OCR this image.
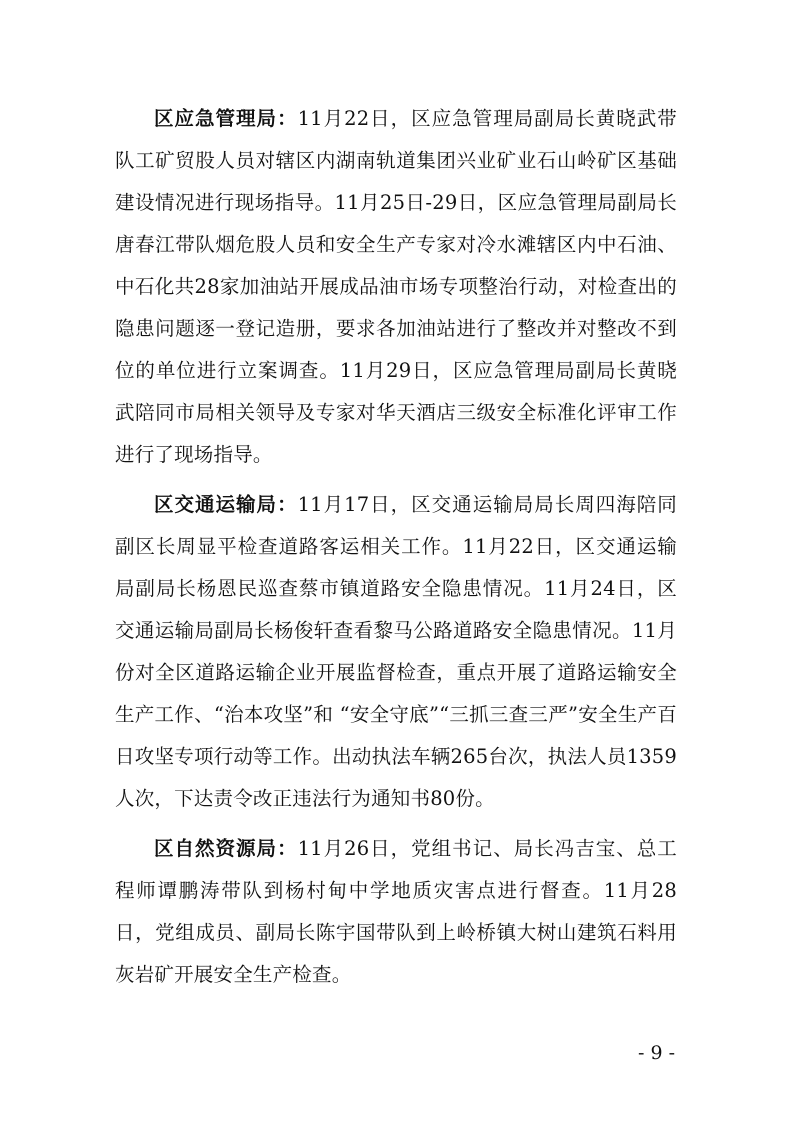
区应急管理局：11月22日，区应急管理局副局长黄晓武带队工矿贸股人员对辖区内湖南轨道集团兴业矿业石山岭矿区基础建设情况进行现场指导。11月25日-29日，区应急管理局副局长唐春江带队烟危股人员和安全生产专家对冷水滩辖区内中石油、中石化共28家加油站开展成品油市场专项整治行动，对检查出的隐患问题逐一登记造册，要求各加油站进行了整改并对整改不到位的单位进行立案调查。11月29日，区应急管理局副局长黄晓武陪同市局相关领导及专家对华天酒店三级安全标准化评审工作进行了现场指导。

区交通运输局：11月17日，区交通运输局局长周四海陪同副区长周显平检查道路客运相关工作。11月22日，区交通运输局副局长杨恩民巡查蔡市镇道路安全隐患情况。11月24日，区交通运输局副局长杨俊轩查看黎马公路道路安全隐患情况。11月份对全区道路运输企业开展监督检查，重点开展了道路运输安全生产工作、“治本攻坚”和 “安全守底”“三抓三查三严”安全生产百日攻坚专项行动等工作。出动执法车辆265台次，执法人员1359人次，下达责令改正违法行为通知书80份。

区自然资源局：11月26日，党组书记、局长冯吉宝、总工程师谭鹏涛带队到杨村甸中学地质灾害点进行督查。11月28日，党组成员、副局长陈宇国带队到上岭桥镇大树山建筑石料用灰岩矿开展安全生产检查。

- 9 -
